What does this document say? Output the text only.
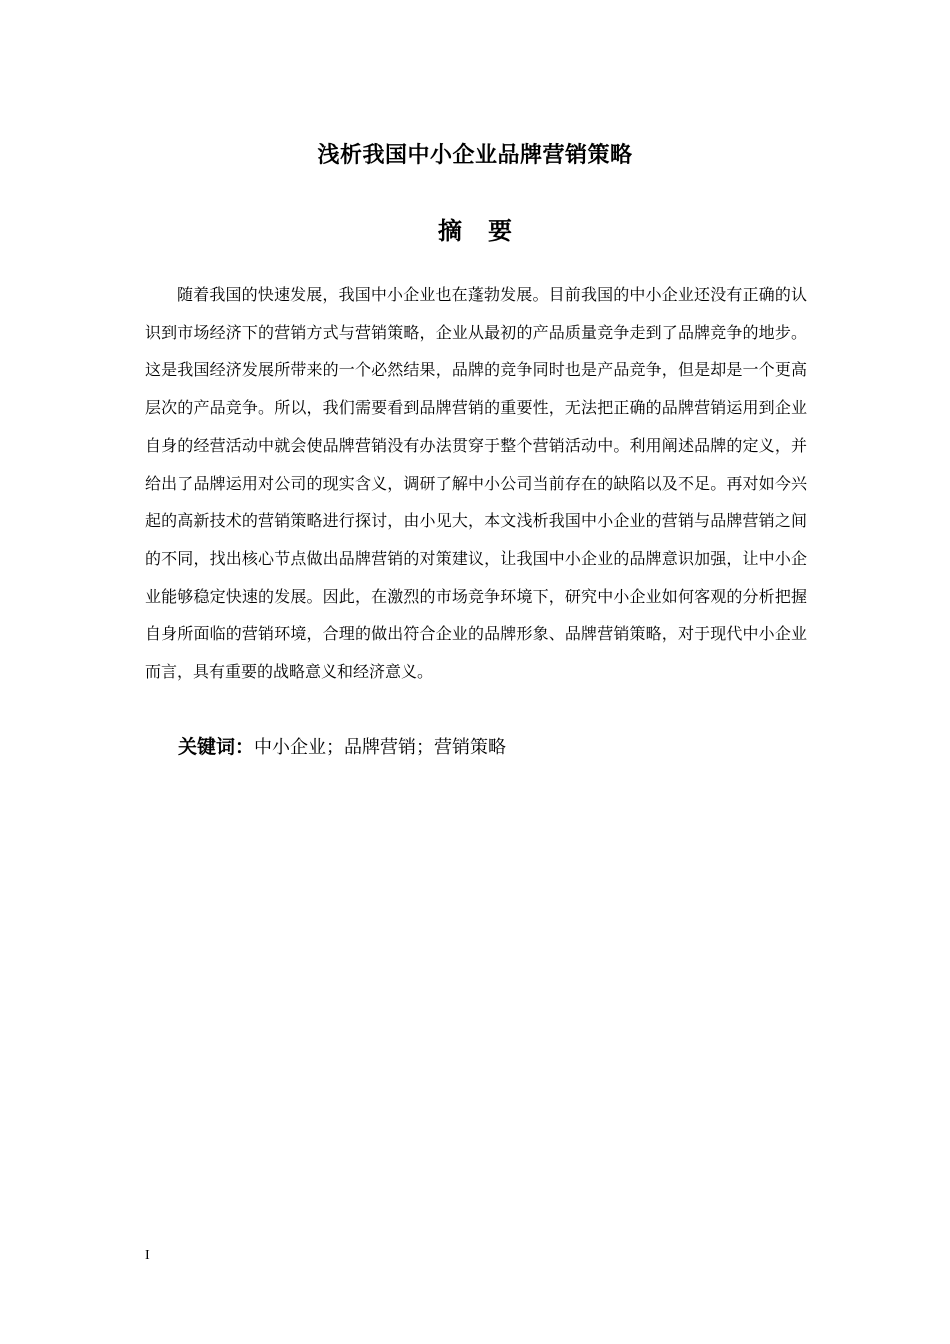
浅析我国中小企业品牌营销策略
摘要

随着我国的快速发展，我国中小企业也在蓬勃发展。目前我国的中小企业还没有正确的认识到市场经济下的营销方式与营销策略，企业从最初的产品质量竞争走到了品牌竞争的地步。这是我国经济发展所带来的一个必然结果，品牌的竞争同时也是产品竞争，但是却是一个更高层次的产品竞争。所以，我们需要看到品牌营销的重要性，无法把正确的品牌营销运用到企业自身的经营活动中就会使品牌营销没有办法贯穿于整个营销活动中。利用阐述品牌的定义，并给出了品牌运用对公司的现实含义，调研了解中小公司当前存在的缺陷以及不足。再对如今兴起的高新技术的营销策略进行探讨，由小见大，本文浅析我国中小企业的营销与品牌营销之间的不同，找出核心节点做出品牌营销的对策建议，让我国中小企业的品牌意识加强，让中小企业能够稳定快速的发展。因此，在激烈的市场竞争环境下，研究中小企业如何客观的分析把握自身所面临的营销环境，合理的做出符合企业的品牌形象、品牌营销策略，对于现代中小企业而言，具有重要的战略意义和经济意义。

关键词：中小企业；品牌营销；营销策略
I
